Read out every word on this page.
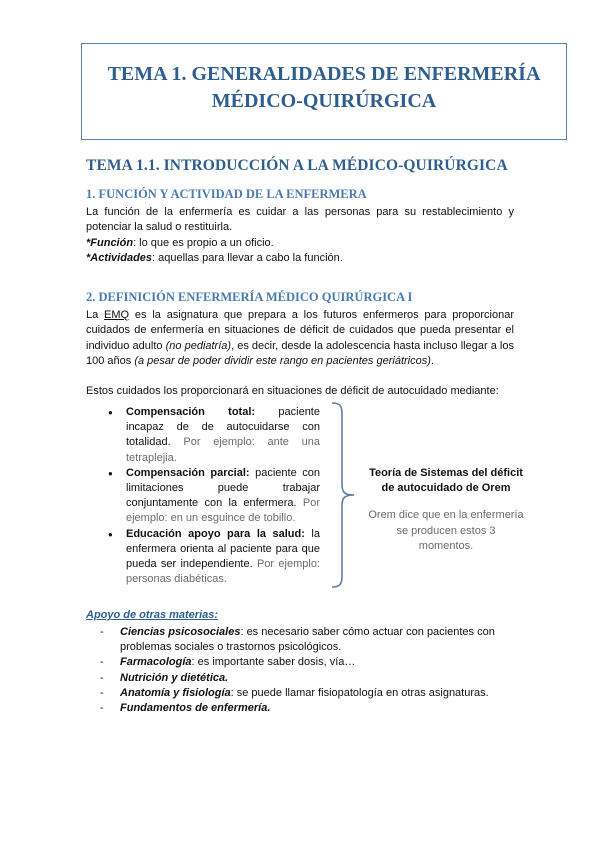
TEMA 1. GENERALIDADES DE ENFERMERÍA
MÉDICO-QUIRÚRGICA
TEMA 1.1. INTRODUCCIÓN A LA MÉDICO-QUIRÚRGICA
1. FUNCIÓN Y ACTIVIDAD DE LA ENFERMERA
La función de la enfermería es cuidar a las personas para su restablecimiento y potenciar la salud o restituirla.
*Función: lo que es propio a un oficio.
*Actividades: aquellas para llevar a cabo la función.
2. DEFINICIÓN ENFERMERÍA MÉDICO QUIRÚRGICA I
La EMQ es la asignatura que prepara a los futuros enfermeros para proporcionar cuidados de enfermería en situaciones de déficit de cuidados que pueda presentar el individuo adulto (no pediatría), es decir, desde la adolescencia hasta incluso llegar a los 100 años (a pesar de poder dividir este rango en pacientes geriátricos).
Estos cuidados los proporcionará en situaciones de déficit de autocuidado mediante:
● Compensación total: paciente incapaz de de autocuidarse con totalidad. Por ejemplo: ante una tetraplejia.
● Compensación parcial: paciente con limitaciones puede trabajar conjuntamente con la enfermera. Por ejemplo: en un esguince de tobillo.
● Educación apoyo para la salud: la enfermera orienta al paciente para que pueda ser independiente. Por ejemplo: personas diabéticas.
Teoría de Sistemas del déficit de autocuidado de Orem
Orem dice que en la enfermería se producen estos 3 momentos.
Apoyo de otras materias:
- Ciencias psicosociales: es necesario saber cómo actuar con pacientes con problemas sociales o trastornos psicológicos.
- Farmacología: es importante saber dosis, vía…
- Nutrición y dietética.
- Anatomía y fisiología: se puede llamar fisiopatología en otras asignaturas.
- Fundamentos de enfermería.
